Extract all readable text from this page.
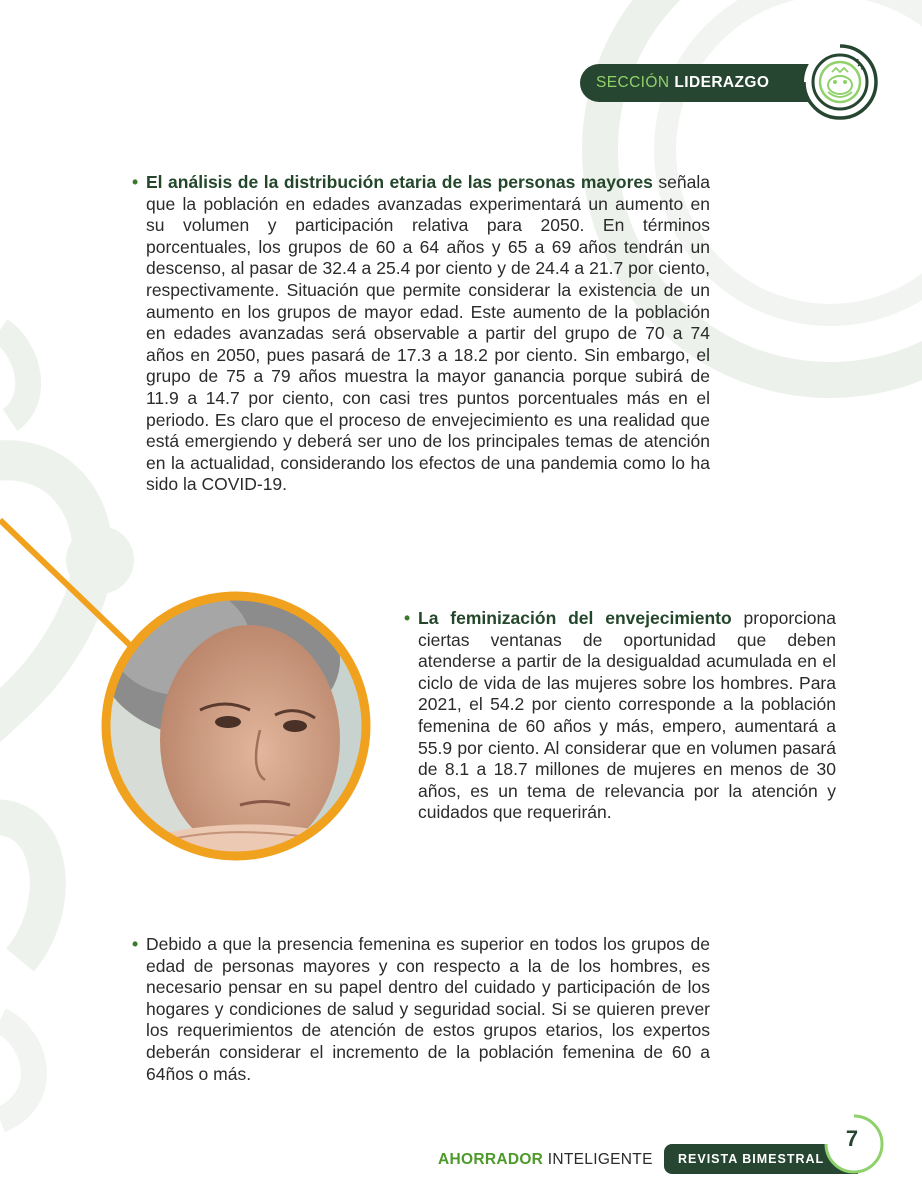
SECCIÓN LIDERAZGO
• El análisis de la distribución etaria de las personas mayores señala que la población en edades avanzadas experimentará un aumento en su volumen y participación relativa para 2050. En términos porcentuales, los grupos de 60 a 64 años y 65 a 69 años tendrán un descenso, al pasar de 32.4 a 25.4 por ciento y de 24.4 a 21.7 por ciento, respectivamente. Situación que permite considerar la existencia de un aumento en los grupos de mayor edad. Este aumento de la población en edades avanzadas será observable a partir del grupo de 70 a 74 años en 2050, pues pasará de 17.3 a 18.2 por ciento. Sin embargo, el grupo de 75 a 79 años muestra la mayor ganancia porque subirá de 11.9 a 14.7 por ciento, con casi tres puntos porcentuales más en el periodo. Es claro que el proceso de envejecimiento es una realidad que está emergiendo y deberá ser uno de los principales temas de atención en la actualidad, considerando los efectos de una pandemia como lo ha sido la COVID-19.
• La feminización del envejecimiento proporciona ciertas ventanas de oportunidad que deben atenderse a partir de la desigualdad acumulada en el ciclo de vida de las mujeres sobre los hombres. Para 2021, el 54.2 por ciento corresponde a la población femenina de 60 años y más, empero, aumentará a 55.9 por ciento. Al considerar que en volumen pasará de 8.1 a 18.7 millones de mujeres en menos de 30 años, es un tema de relevancia por la atención y cuidados que requerirán.
• Debido a que la presencia femenina es superior en todos los grupos de edad de personas mayores y con respecto a la de los hombres, es necesario pensar en su papel dentro del cuidado y participación de los hogares y condiciones de salud y seguridad social. Si se quieren prever los requerimientos de atención de estos grupos etarios, los expertos deberán considerar el incremento de la población femenina de 60 a 64ños o más.
AHORRADOR INTELIGENTE	REVISTA BIMESTRAL
7
